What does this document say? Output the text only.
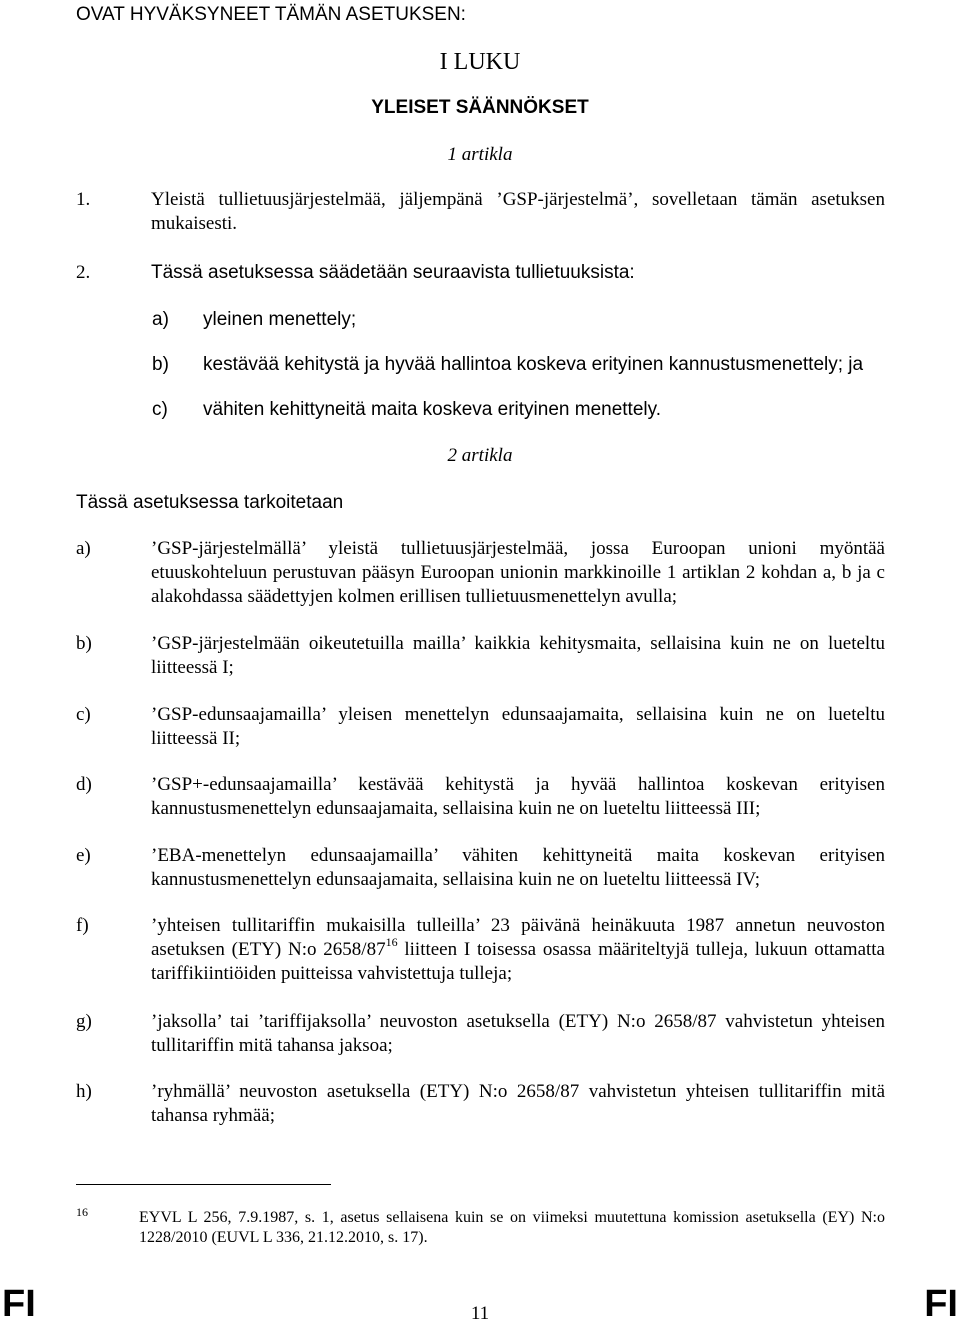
OVAT HYVÄKSYNEET TÄMÄN ASETUKSEN:
I LUKU
YLEISET SÄÄNNÖKSET
1 artikla
1.	Yleistä tullietuusjärjestelmää, jäljempänä ’GSP-järjestelmä’, sovelletaan tämän asetuksen mukaisesti.
2.	Tässä asetuksessa säädetään seuraavista tullietuuksista:
a) yleinen menettely;
b) kestävää kehitystä ja hyvää hallintoa koskeva erityinen kannustusmenettely; ja
c) vähiten kehittyneitä maita koskeva erityinen menettely.
2 artikla
Tässä asetuksessa tarkoitetaan
a)	’GSP-järjestelmällä’ yleistä tullietuusjärjestelmää, jossa Euroopan unioni myöntää etuuskohteluun perustuvan pääsyn Euroopan unionin markkinoille 1 artiklan 2 kohdan a, b ja c alakohdassa säädettyjen kolmen erillisen tullietuusmenettelyn avulla;
b)	’GSP-järjestelmään oikeutetuilla mailla’ kaikkia kehitysmaita, sellaisina kuin ne on lueteltu liitteessä I;
c)	’GSP-edunsaajamailla’ yleisen menettelyn edunsaajamaita, sellaisina kuin ne on lueteltu liitteessä II;
d)	’GSP+-edunsaajamailla’ kestävää kehitystä ja hyvää hallintoa koskevan erityisen kannustusmenettelyn edunsaajamaita, sellaisina kuin ne on lueteltu liitteessä III;
e)	’EBA-menettelyn edunsaajamailla’ vähiten kehittyneitä maita koskevan erityisen kannustusmenettelyn edunsaajamaita, sellaisina kuin ne on lueteltu liitteessä IV;
f)	’yhteisen tullitariffin mukaisilla tulleilla’ 23 päivänä heinäkuuta 1987 annetun neuvoston asetuksen (ETY) N:o $2658/87^{16}$ liitteen I toisessa osassa määriteltyjä tulleja, lukuun ottamatta tariffikiintiöiden puitteissa vahvistettuja tulleja;
g)	’jaksolla’ tai ’tariffijaksolla’ neuvoston asetuksella (ETY) N:o 2658/87 vahvistetun yhteisen tullitariffin mitä tahansa jaksoa;
h)	’ryhmällä’ neuvoston asetuksella (ETY) N:o 2658/87 vahvistetun yhteisen tullitariffin mitä tahansa ryhmää;
16	EYVL L 256, 7.9.1987, s. 1, asetus sellaisena kuin se on viimeksi muutettuna komission asetuksella (EY) N:o 1228/2010 (EUVL L 336, 21.12.2010, s. 17).
FI	11	FI
